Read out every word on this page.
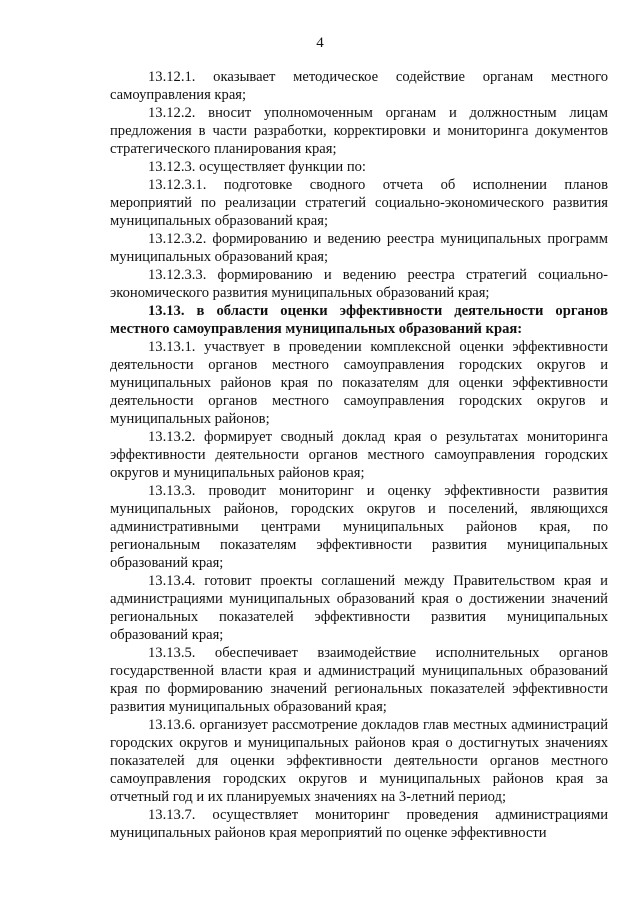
4

13.12.1. оказывает методическое содействие органам местного самоуправления края;

13.12.2. вносит уполномоченным органам и должностным лицам предложения в части разработки, корректировки и мониторинга документов стратегического планирования края;

13.12.3. осуществляет функции по:

13.12.3.1. подготовке сводного отчета об исполнении планов мероприятий по реализации стратегий социально-экономического развития муниципальных образований края;

13.12.3.2. формированию и ведению реестра муниципальных программ муниципальных образований края;

13.12.3.3. формированию и ведению реестра стратегий социально-экономического развития муниципальных образований края;

13.13. в области оценки эффективности деятельности органов местного самоуправления муниципальных образований края:

13.13.1. участвует в проведении комплексной оценки эффективности деятельности органов местного самоуправления городских округов и муниципальных районов края по показателям для оценки эффективности деятельности органов местного самоуправления городских округов и муниципальных районов;

13.13.2. формирует сводный доклад края о результатах мониторинга эффективности деятельности органов местного самоуправления городских округов и муниципальных районов края;

13.13.3. проводит мониторинг и оценку эффективности развития муниципальных районов, городских округов и поселений, являющихся административными центрами муниципальных районов края, по региональным показателям эффективности развития муниципальных образований края;

13.13.4. готовит проекты соглашений между Правительством края и администрациями муниципальных образований края о достижении значений региональных показателей эффективности развития муниципальных образований края;

13.13.5. обеспечивает взаимодействие исполнительных органов государственной власти края и администраций муниципальных образований края по формированию значений региональных показателей эффективности развития муниципальных образований края;

13.13.6. организует рассмотрение докладов глав местных администраций городских округов и муниципальных районов края о достигнутых значениях показателей для оценки эффективности деятельности органов местного самоуправления городских округов и муниципальных районов края за отчетный год и их планируемых значениях на 3-летний период;

13.13.7. осуществляет мониторинг проведения администрациями муниципальных районов края мероприятий по оценке эффективности
